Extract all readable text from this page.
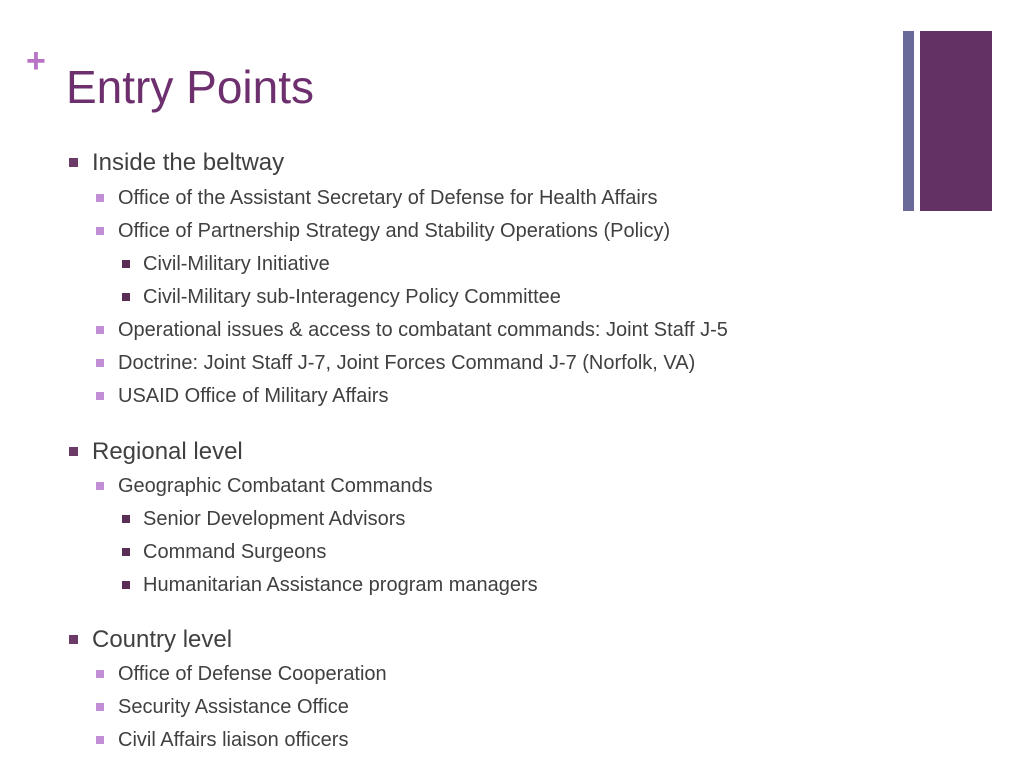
+ Entry Points
Inside the beltway
Office of the Assistant Secretary of Defense for Health Affairs
Office of Partnership Strategy and Stability Operations (Policy)
Civil-Military Initiative
Civil-Military sub-Interagency Policy Committee
Operational issues & access to combatant commands: Joint Staff J-5
Doctrine: Joint Staff J-7, Joint Forces Command J-7 (Norfolk, VA)
USAID Office of Military Affairs
Regional level
Geographic Combatant Commands
Senior Development Advisors
Command Surgeons
Humanitarian Assistance program managers
Country level
Office of Defense Cooperation
Security Assistance Office
Civil Affairs liaison officers
